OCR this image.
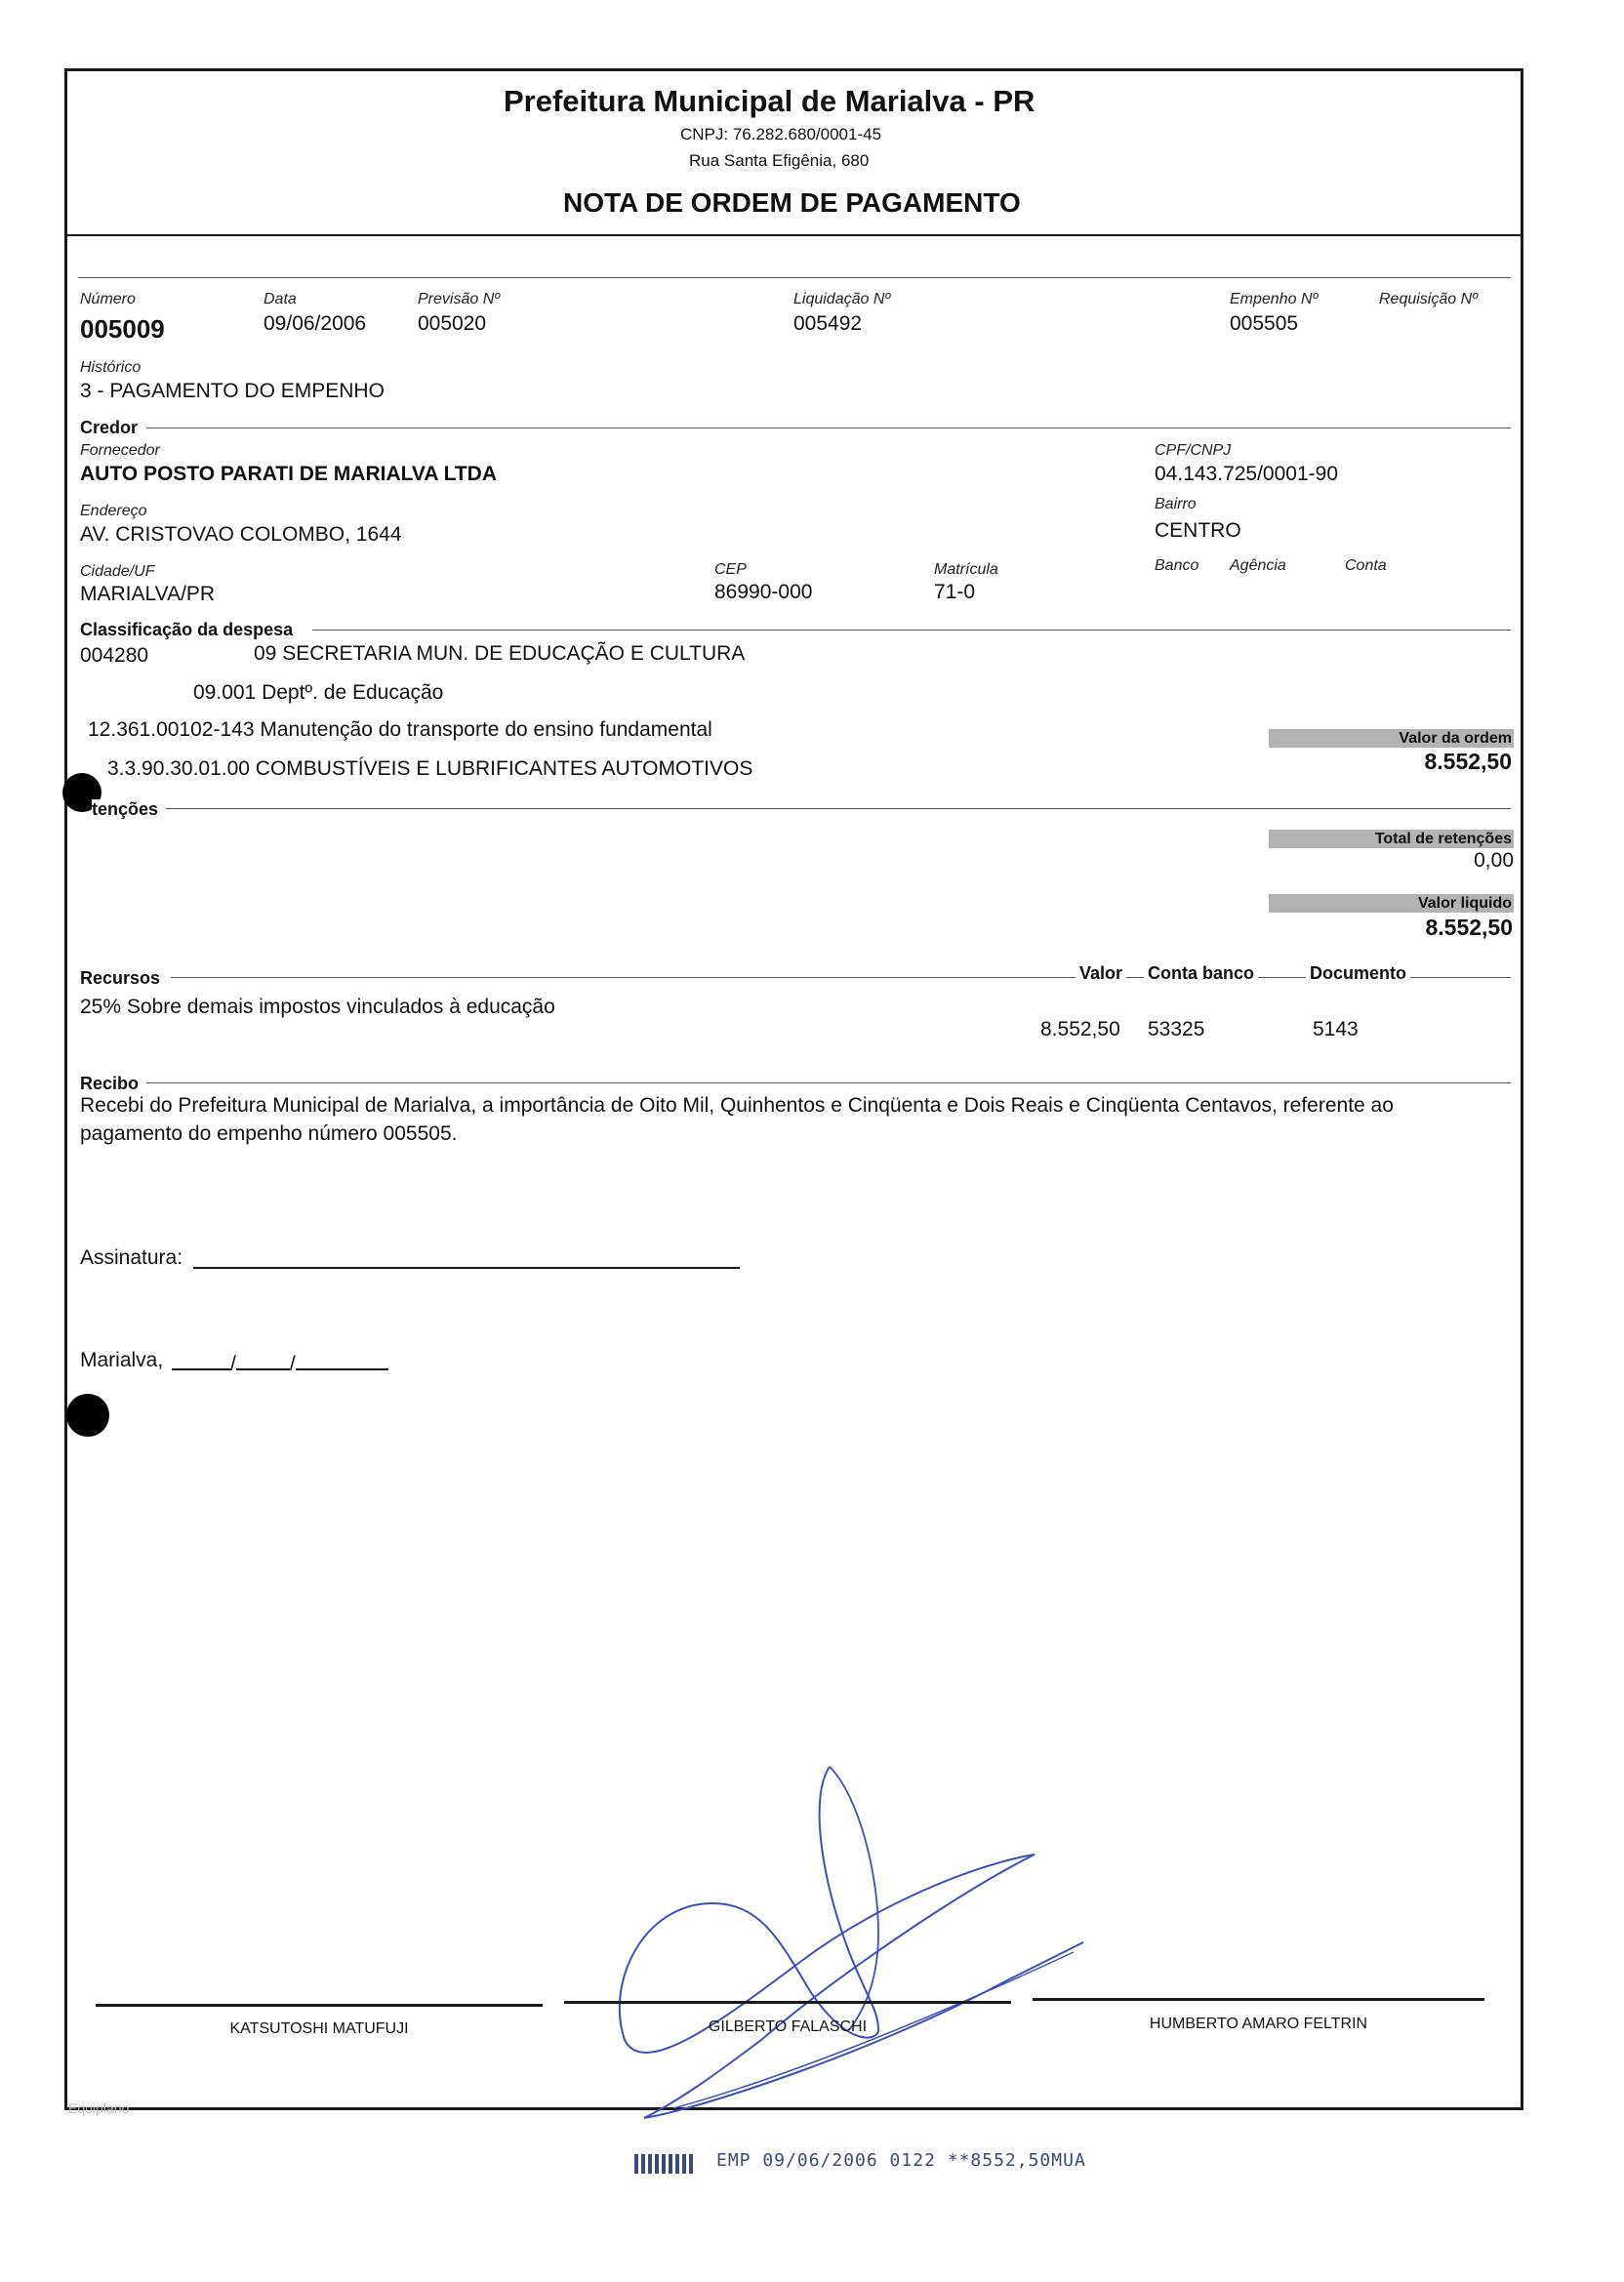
Prefeitura Municipal de Marialva - PR
CNPJ: 76.282.680/0001-45
Rua Santa Efigênia, 680
NOTA DE ORDEM DE PAGAMENTO
Número
005009
Data
09/06/2006
Previsão Nº
005020
Liquidação Nº
005492
Empenho Nº
005505
Requisição Nº
Histórico
3 - PAGAMENTO DO EMPENHO
Credor
Fornecedor
AUTO POSTO PARATI DE MARIALVA LTDA
CPF/CNPJ
04.143.725/0001-90
Endereço
AV. CRISTOVAO COLOMBO, 1644
Bairro
CENTRO
Cidade/UF
MARIALVA/PR
CEP
86990-000
Matrícula
71-0
Banco Agência	Conta
Classificação da despesa
004280	09 SECRETARIA MUN. DE EDUCAÇÃO E CULTURA
09.001 Deptº. de Educação
12.361.00102-143 Manutenção do transporte do ensino fundamental
3.3.90.30.01.00 COMBUSTÍVEIS E LUBRIFICANTES AUTOMOTIVOS
Valor da ordem
8.552,50
tenções
Total de retenções
0,00
Valor liquido
8.552,50
Recursos	Valor Conta banco	Documento
25% Sobre demais impostos vinculados à educação
8.552,50 53325	5143
Recibo
Recebi do Prefeitura Municipal de Marialva, a importância de Oito Mil, Quinhentos e Cinqüenta e Dois Reais e Cinqüenta Centavos, referente ao
pagamento do empenho número 005505.
Assinatura:
Marialva,	/	/
KATSUTOSHI MATUFUJI	GILBERTO FALASCHI	HUMBERTO AMARO FELTRIN
Equiplano
EMP 09/06/2006 0122 **8552,50MUA
